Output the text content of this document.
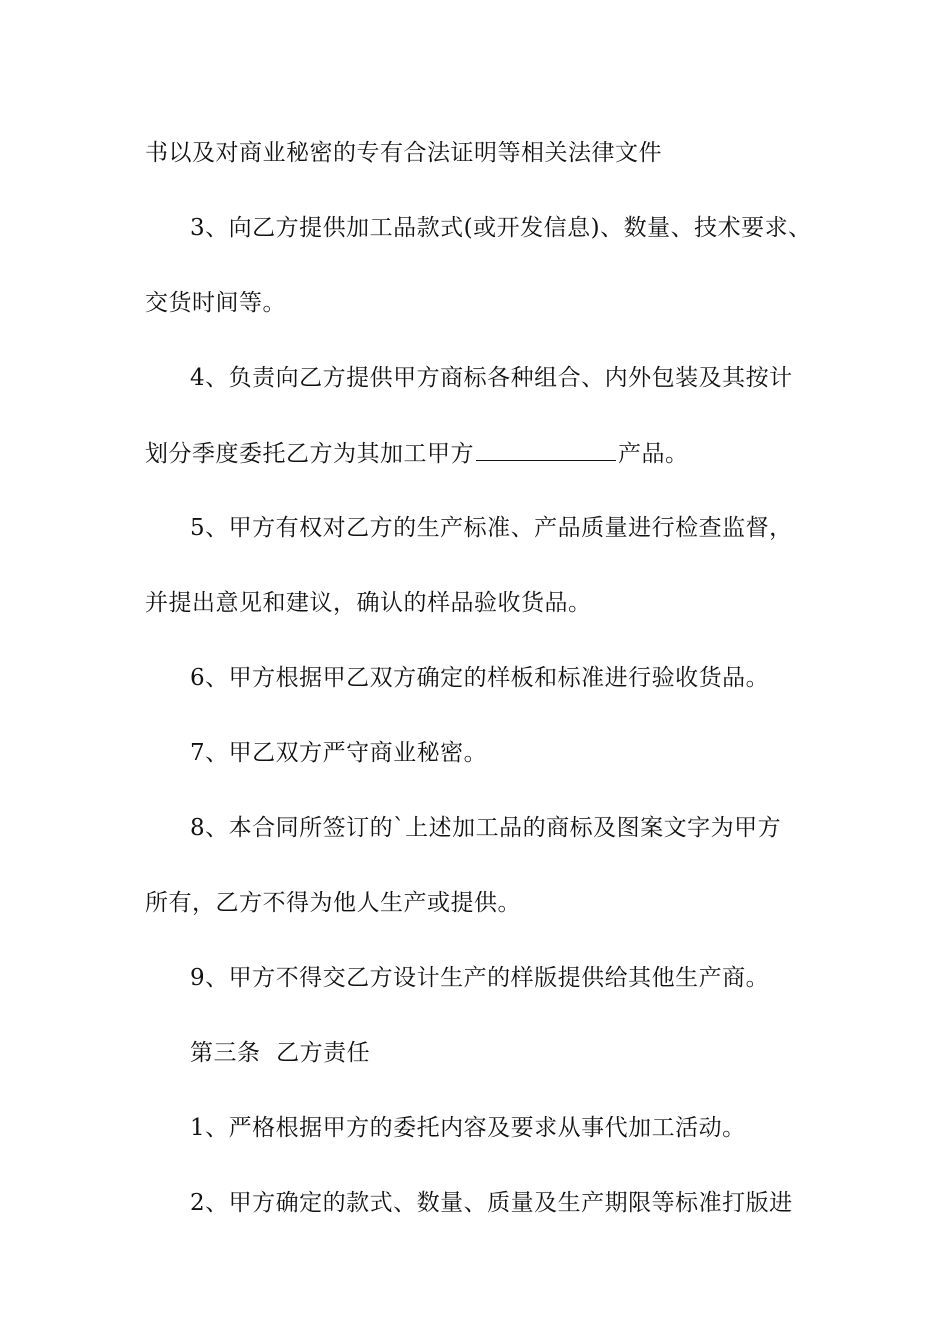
书以及对商业秘密的专有合法证明等相关法律文件
3、向乙方提供加工品款式(或开发信息)、数量、技术要求、
交货时间等。
4、负责向乙方提供甲方商标各种组合、内外包装及其按计
划分季度委托乙方为其加工甲方	产品。
5、甲方有权对乙方的生产标准、产品质量进行检查监督，
并提出意见和建议，确认的样品验收货品。
6、甲方根据甲乙双方确定的样板和标准进行验收货品。
7、甲乙双方严守商业秘密。
8、本合同所签订的`上述加工品的商标及图案文字为甲方
所有，乙方不得为他人生产或提供。
9、甲方不得交乙方设计生产的样版提供给其他生产商。
第三条  乙方责任
1、严格根据甲方的委托内容及要求从事代加工活动。
2、甲方确定的款式、数量、质量及生产期限等标准打版进
